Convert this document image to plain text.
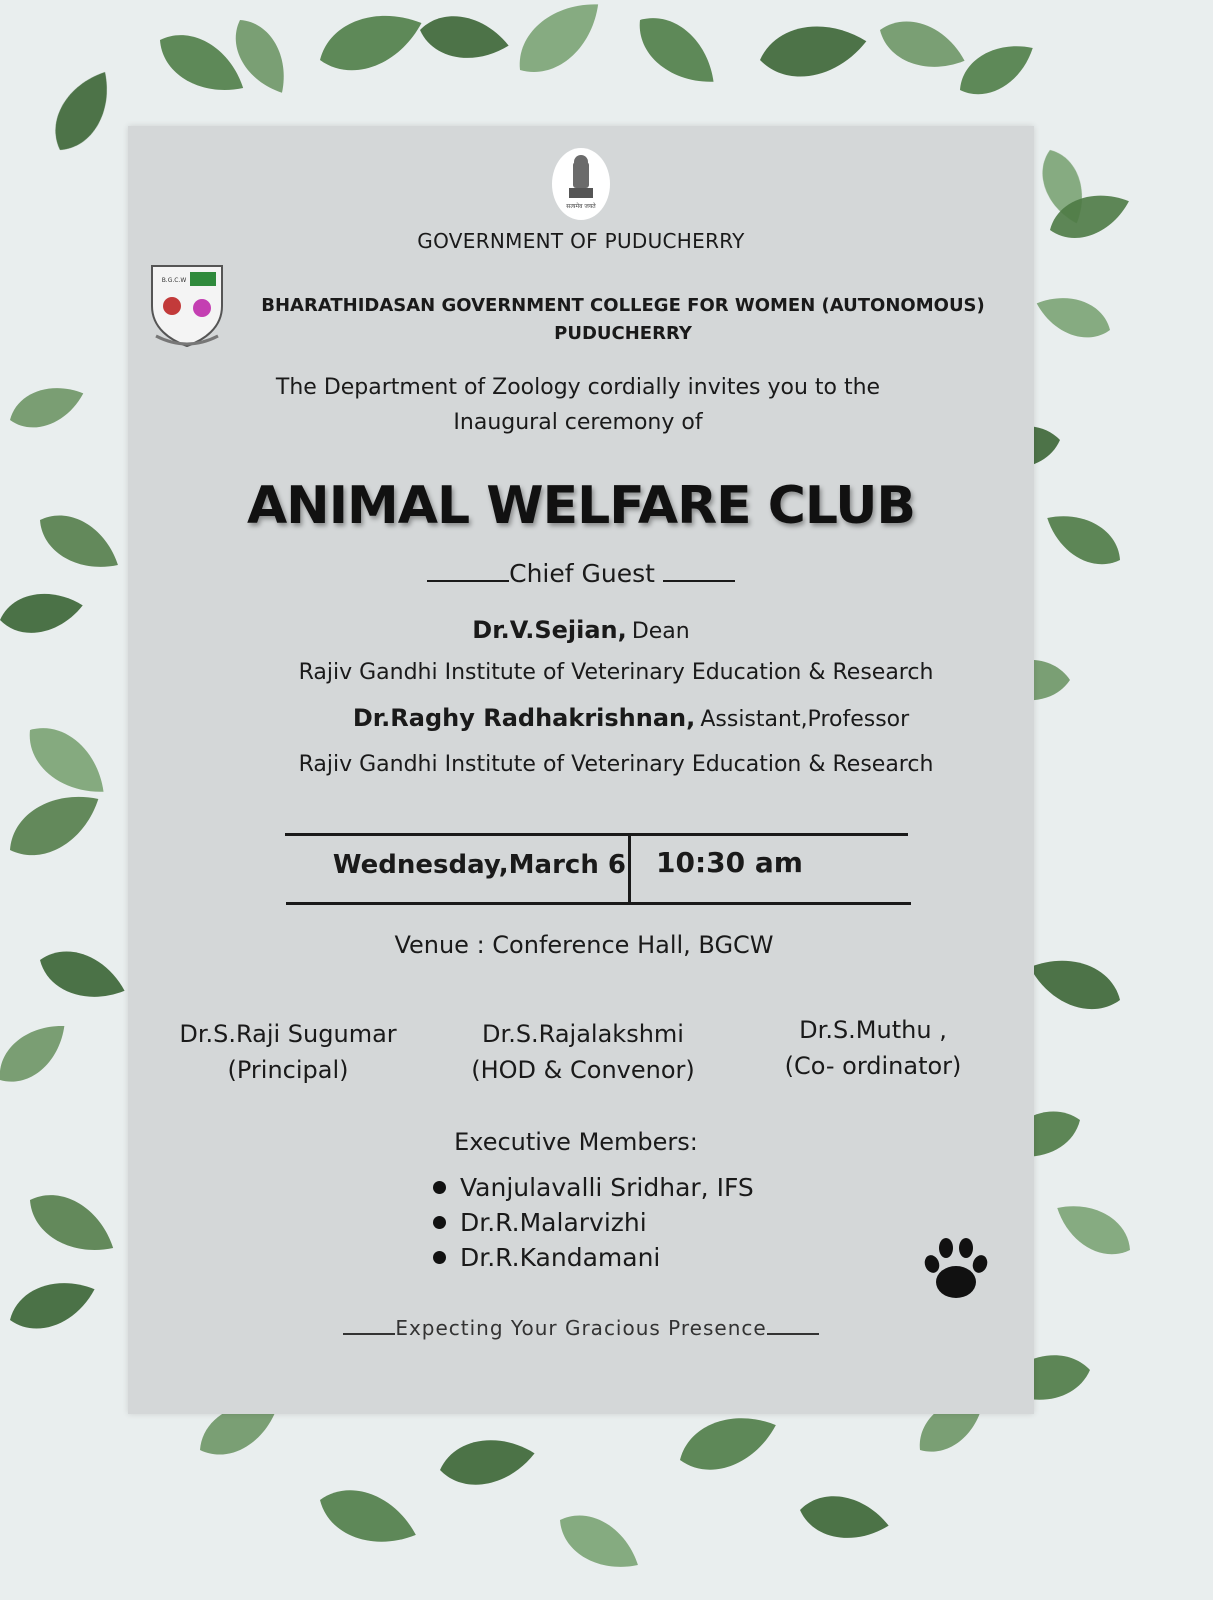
सत्यमेव जयते
B.G.C.W
GOVERNMENT OF PUDUCHERRY
BHARATHIDASAN GOVERNMENT COLLEGE FOR WOMEN (AUTONOMOUS)
PUDUCHERRY
The Department of Zoology cordially invites you to the
Inaugural ceremony of
ANIMAL WELFARE CLUB
Chief Guest
Dr.V.Sejian, Dean
Rajiv Gandhi Institute of Veterinary Education & Research
Dr.Raghy Radhakrishnan, Assistant,Professor
Rajiv Gandhi Institute of Veterinary Education & Research
Wednesday,March 6 10:30 am
Venue : Conference Hall, BGCW
Dr.S.Raji Sugumar
(Principal)
Dr.S.Rajalakshmi
(HOD & Convenor)
Dr.S.Muthu ,
(Co- ordinator)
Executive Members:
Vanjulavalli Sridhar, IFS
Dr.R.Malarvizhi
Dr.R.Kandamani
Expecting Your Gracious Presence
